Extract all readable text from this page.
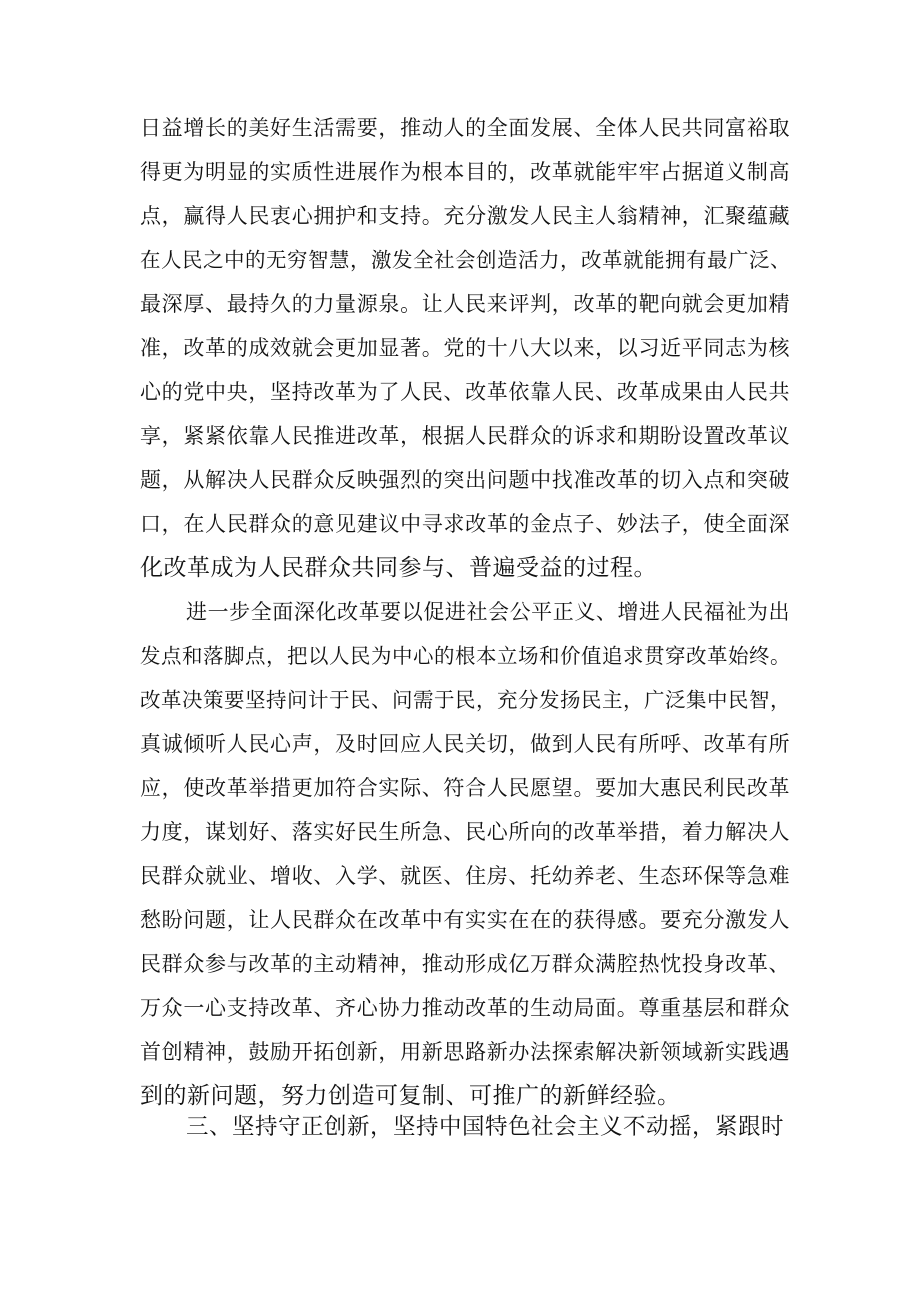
日益增长的美好生活需要，推动人的全面发展、全体人民共同富裕取
得更为明显的实质性进展作为根本目的，改革就能牢牢占据道义制高
点，赢得人民衷心拥护和支持。充分激发人民主人翁精神，汇聚蕴藏
在人民之中的无穷智慧，激发全社会创造活力，改革就能拥有最广泛、
最深厚、最持久的力量源泉。让人民来评判，改革的靶向就会更加精
准，改革的成效就会更加显著。党的十八大以来，以习近平同志为核
心的党中央，坚持改革为了人民、改革依靠人民、改革成果由人民共
享，紧紧依靠人民推进改革，根据人民群众的诉求和期盼设置改革议
题，从解决人民群众反映强烈的突出问题中找准改革的切入点和突破
口，在人民群众的意见建议中寻求改革的金点子、妙法子，使全面深
化改革成为人民群众共同参与、普遍受益的过程。
进一步全面深化改革要以促进社会公平正义、增进人民福祉为出
发点和落脚点，把以人民为中心的根本立场和价值追求贯穿改革始终。
改革决策要坚持问计于民、问需于民，充分发扬民主，广泛集中民智，
真诚倾听人民心声，及时回应人民关切，做到人民有所呼、改革有所
应，使改革举措更加符合实际、符合人民愿望。要加大惠民利民改革
力度，谋划好、落实好民生所急、民心所向的改革举措，着力解决人
民群众就业、增收、入学、就医、住房、托幼养老、生态环保等急难
愁盼问题，让人民群众在改革中有实实在在的获得感。要充分激发人
民群众参与改革的主动精神，推动形成亿万群众满腔热忱投身改革、
万众一心支持改革、齐心协力推动改革的生动局面。尊重基层和群众
首创精神，鼓励开拓创新，用新思路新办法探索解决新领域新实践遇
到的新问题，努力创造可复制、可推广的新鲜经验。
三、坚持守正创新，坚持中国特色社会主义不动摇，紧跟时
